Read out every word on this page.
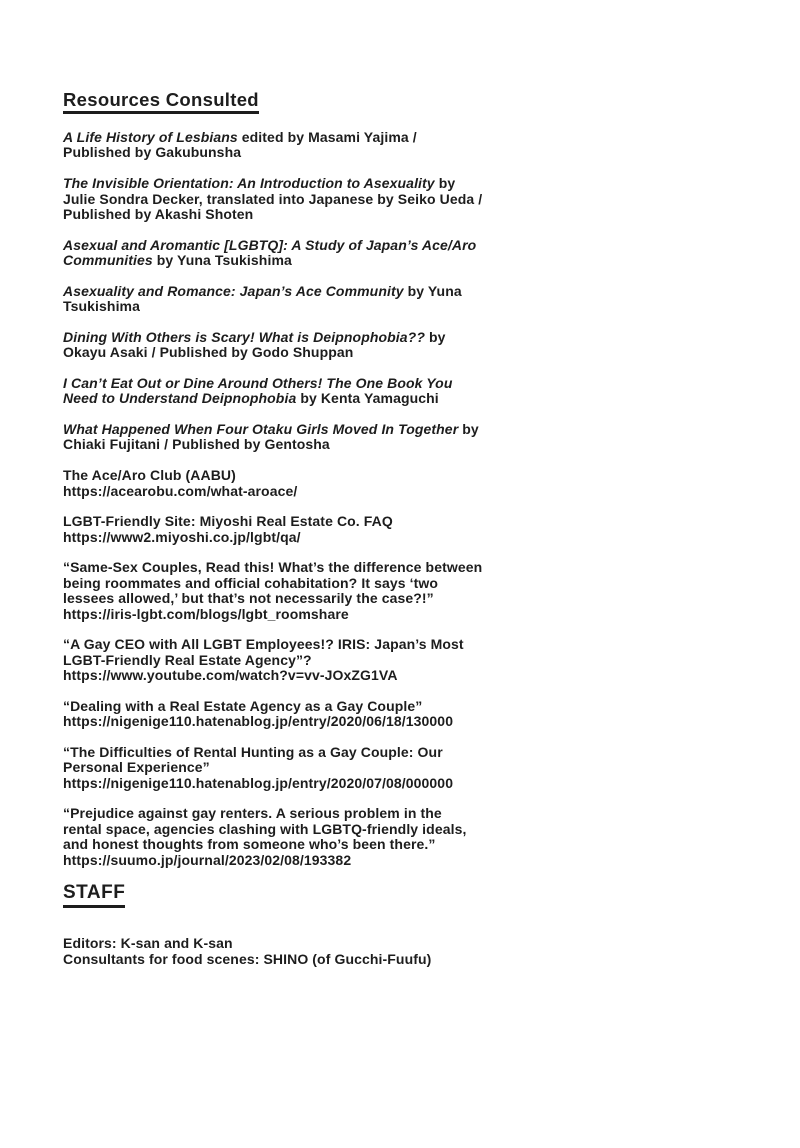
Resources Consulted

A Life History of Lesbians edited by Masami Yajima /
Published by Gakubunsha

The Invisible Orientation: An Introduction to Asexuality by
Julie Sondra Decker, translated into Japanese by Seiko Ueda /
Published by Akashi Shoten

Asexual and Aromantic [LGBTQ]: A Study of Japan’s Ace/Aro
Communities by Yuna Tsukishima

Asexuality and Romance: Japan’s Ace Community by Yuna
Tsukishima

Dining With Others is Scary! What is Deipnophobia?? by
Okayu Asaki / Published by Godo Shuppan

I Can’t Eat Out or Dine Around Others! The One Book You
Need to Understand Deipnophobia by Kenta Yamaguchi

What Happened When Four Otaku Girls Moved In Together by
Chiaki Fujitani / Published by Gentosha

The Ace/Aro Club (AABU)
https://acearobu.com/what-aroace/

LGBT-Friendly Site: Miyoshi Real Estate Co. FAQ
https://www2.miyoshi.co.jp/lgbt/qa/

“Same-Sex Couples, Read this! What’s the difference between
being roommates and official cohabitation? It says ‘two
lessees allowed,’ but that’s not necessarily the case?!”
https://iris-lgbt.com/blogs/lgbt_roomshare

“A Gay CEO with All LGBT Employees!? IRIS: Japan’s Most
LGBT-Friendly Real Estate Agency”?
https://www.youtube.com/watch?v=vv-JOxZG1VA

“Dealing with a Real Estate Agency as a Gay Couple”
https://nigenige110.hatenablog.jp/entry/2020/06/18/130000

“The Difficulties of Rental Hunting as a Gay Couple: Our
Personal Experience”
https://nigenige110.hatenablog.jp/entry/2020/07/08/000000

“Prejudice against gay renters. A serious problem in the
rental space, agencies clashing with LGBTQ-friendly ideals,
and honest thoughts from someone who’s been there.”
https://suumo.jp/journal/2023/02/08/193382

STAFF

Editors: K-san and K-san
Consultants for food scenes: SHINO (of Gucchi-Fuufu)
